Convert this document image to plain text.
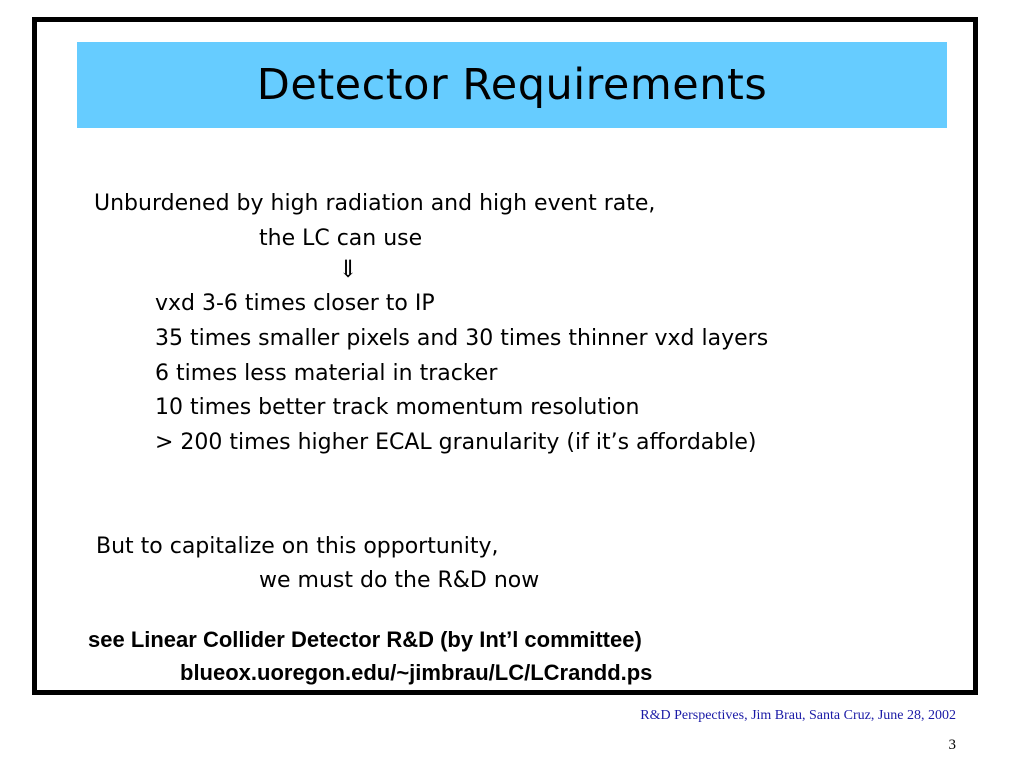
Detector Requirements
Unburdened by high radiation and high event rate,
the LC can use
⇓
vxd 3-6 times closer to IP
35 times smaller pixels and 30 times thinner vxd layers
6 times less material in tracker
10 times better track momentum resolution
> 200 times higher ECAL granularity (if it’s affordable)
But to capitalize on this opportunity,
we must do the R&D now
see Linear Collider Detector R&D (by Int’l committee)
blueox.uoregon.edu/~jimbrau/LC/LCrandd.ps
R&D Perspectives, Jim Brau, Santa Cruz, June 28, 2002
3
